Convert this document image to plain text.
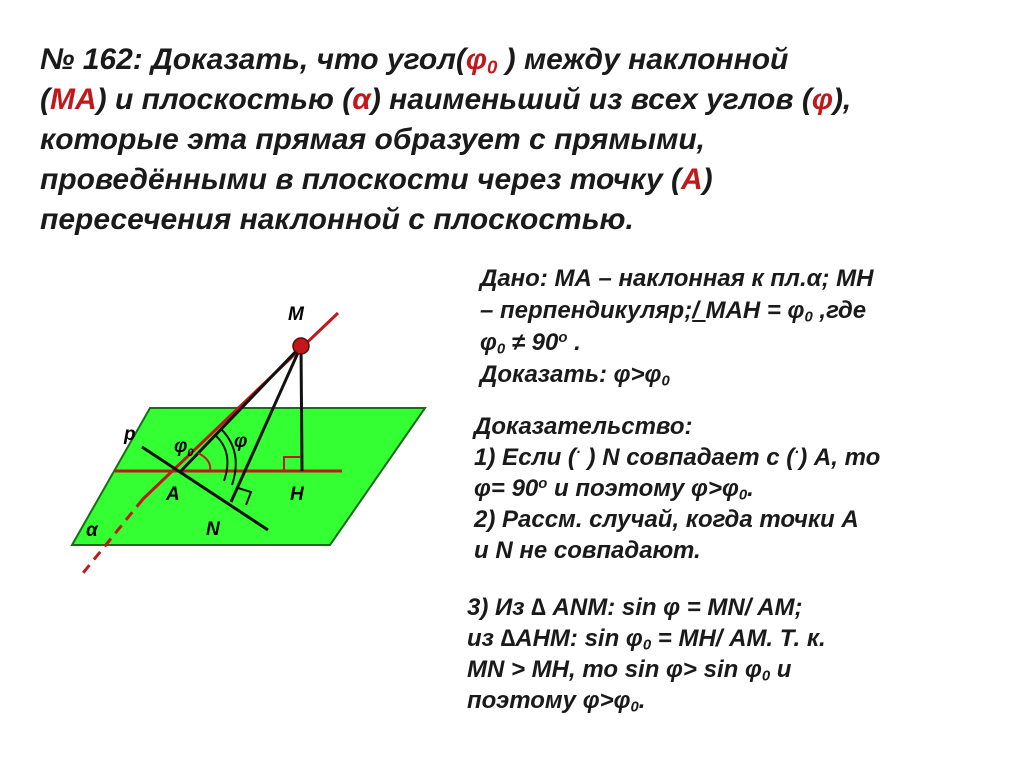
№ 162: Доказать, что $угол(\varphi_0$ ) между наклонной
(МА) и плоскостью (α) наименьший из всех углов (φ),
которые эта прямая образует с прямыми,
проведёнными в плоскости через точку (А)
пересечения наклонной с плоскостью.

Дано: МА – наклонная к пл.α; МН
– перпендикуляр;/ МАН = $\varphi_0$ ,где
$\varphi_0 \ne 90^о$ .
Доказать: $\varphi>\varphi_0$
Доказательство:
1) Если (· ) N совпадает с (·) А, то
$\varphi= 90^о$ и поэтому $\varphi>\varphi_0$.
2) Рассм. случай, когда точки А
и N не совпадают.
3) Из ∆ ANM: sin φ = MN/ AM;
из ∆АНМ: $\sin \varphi_0 = МН/$ АМ. Т. к.
MN > MH, то $\sin \varphi> \sin \varphi_0$ и
поэтому $\varphi>\varphi_0$.
M
p
$\varphi_0$
φ
A	H
N
α
